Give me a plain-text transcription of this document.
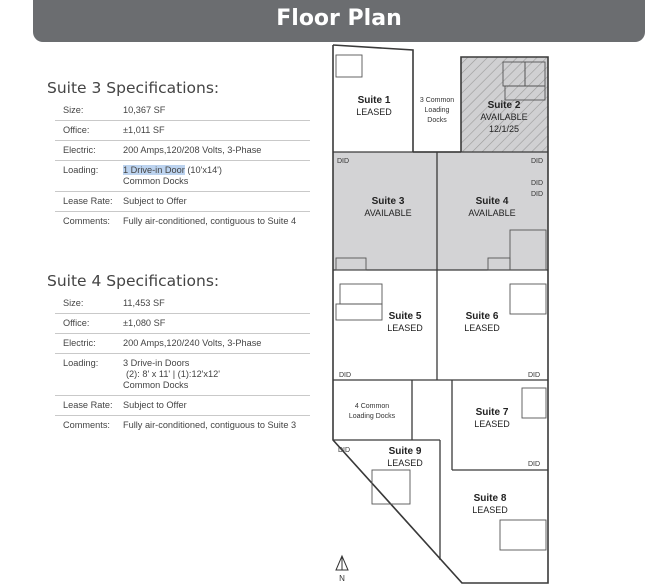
Floor Plan
Suite 3 Specifications:
Size:	10,367 SF
Office:	±1,011 SF
Electric:	200 Amps,120/208 Volts, 3-Phase
Loading:	1 Drive-in Door (10'x14')
Common Docks
Lease Rate:	Subject to Offer
Comments:	Fully air-conditioned, contiguous to Suite 4
Suite 4 Specifications:
Size:	11,453 SF
Office:	±1,080 SF
Electric:	200 Amps,120/240 Volts, 3-Phase
Loading:	3 Drive-in Doors
(2): 8' x 11' | (1):12'x12'
Common Docks
Lease Rate:	Subject to Offer
Comments:	Fully air-conditioned, contiguous to Suite 3
Suite 1
LEASED
Suite 2
AVAILABLE
12/1/25
Suite 3
AVAILABLE
Suite 4
AVAILABLE
Suite 5
LEASED
Suite 6
LEASED
Suite 7
LEASED
Suite 8
LEASED
Suite 9
LEASED
3 Common
Loading
Docks
4 Common
Loading Docks
DID	DID
DID
DID
DID	DID
DID
DID
N
